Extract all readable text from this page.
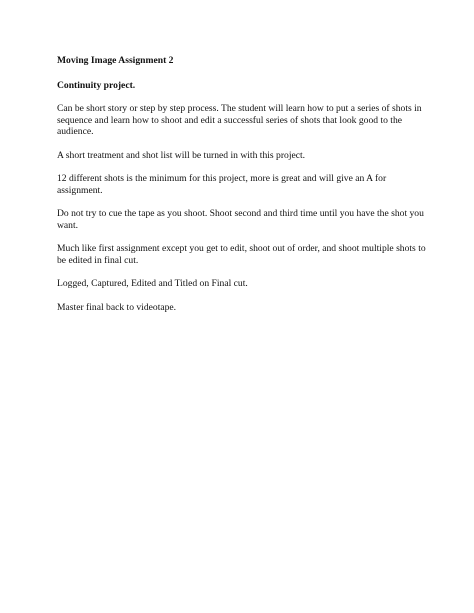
Moving Image Assignment 2
Continuity project.
Can be short story or step by step process. The student will learn how to put a series of shots in
sequence and learn how to shoot and edit a successful series of shots that look good to the
audience.
A short treatment and shot list will be turned in with this project.
12 different shots is the minimum for this project, more is great and will give an A for
assignment.
Do not try to cue the tape as you shoot. Shoot second and third time until you have the shot you
want.
Much like first assignment except you get to edit, shoot out of order, and shoot multiple shots to
be edited in final cut.
Logged, Captured, Edited and Titled on Final cut.
Master final back to videotape.
